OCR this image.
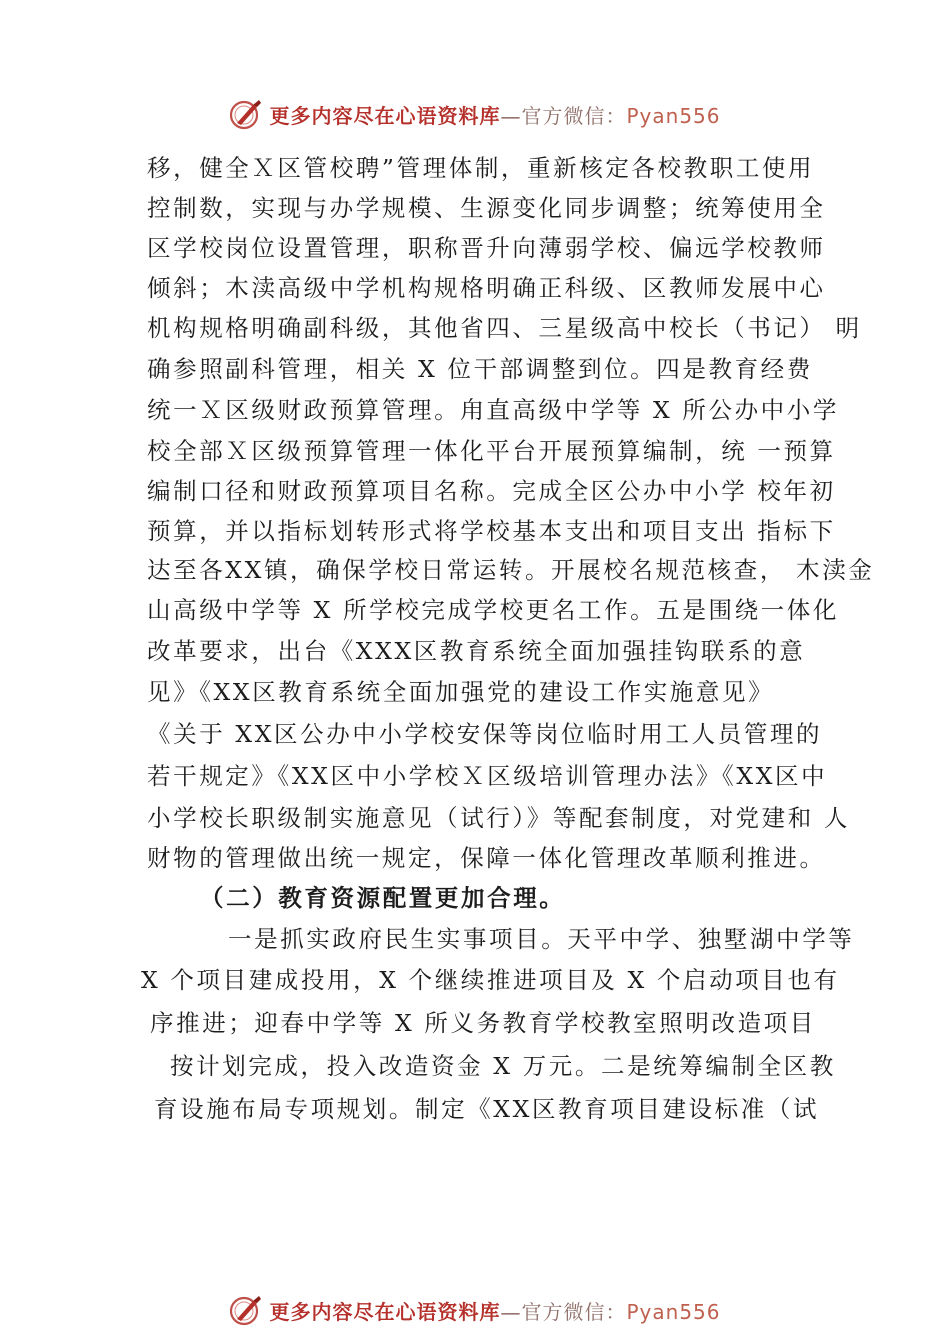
更多内容尽在心语资料库—官方微信：Pyan556
移，健全Ｘ区管校聘”管理体制，重新核定各校教职工使用
控制数，实现与办学规模、生源变化同步调整；统筹使用全
区学校岗位设置管理，职称晋升向薄弱学校、偏远学校教师
倾斜；木渎高级中学机构规格明确正科级、区教师发展中心
机构规格明确副科级，其他省四、三星级高中校长（书记） 明
确参照副科管理，相关 X 位干部调整到位。四是教育经费
统一Ｘ区级财政预算管理。甪直高级中学等 X 所公办中小学
校全部Ｘ区级预算管理一体化平台开展预算编制，统 一预算
编制口径和财政预算项目名称。完成全区公办中小学 校年初
预算，并以指标划转形式将学校基本支出和项目支出 指标下
达至各XX镇，确保学校日常运转。开展校名规范核查， 木渎金
山高级中学等 X 所学校完成学校更名工作。五是围绕一体化
改革要求，出台《XXX区教育系统全面加强挂钩联系的意
见》《XX区教育系统全面加强党的建设工作实施意见》
《关于 XX区公办中小学校安保等岗位临时用工人员管理的
若干规定》《XX区中小学校Ｘ区级培训管理办法》《XX区中
小学校长职级制实施意见（试行）》等配套制度，对党建和 人
财物的管理做出统一规定，保障一体化管理改革顺利推进。
（二）教育资源配置更加合理。
一是抓实政府民生实事项目。天平中学、独墅湖中学等
X 个项目建成投用，X 个继续推进项目及 X 个启动项目也有
序推进；迎春中学等 X 所义务教育学校教室照明改造项目
按计划完成，投入改造资金 X 万元。二是统筹编制全区教
育设施布局专项规划。制定《XX区教育项目建设标准（试
更多内容尽在心语资料库—官方微信：Pyan556
